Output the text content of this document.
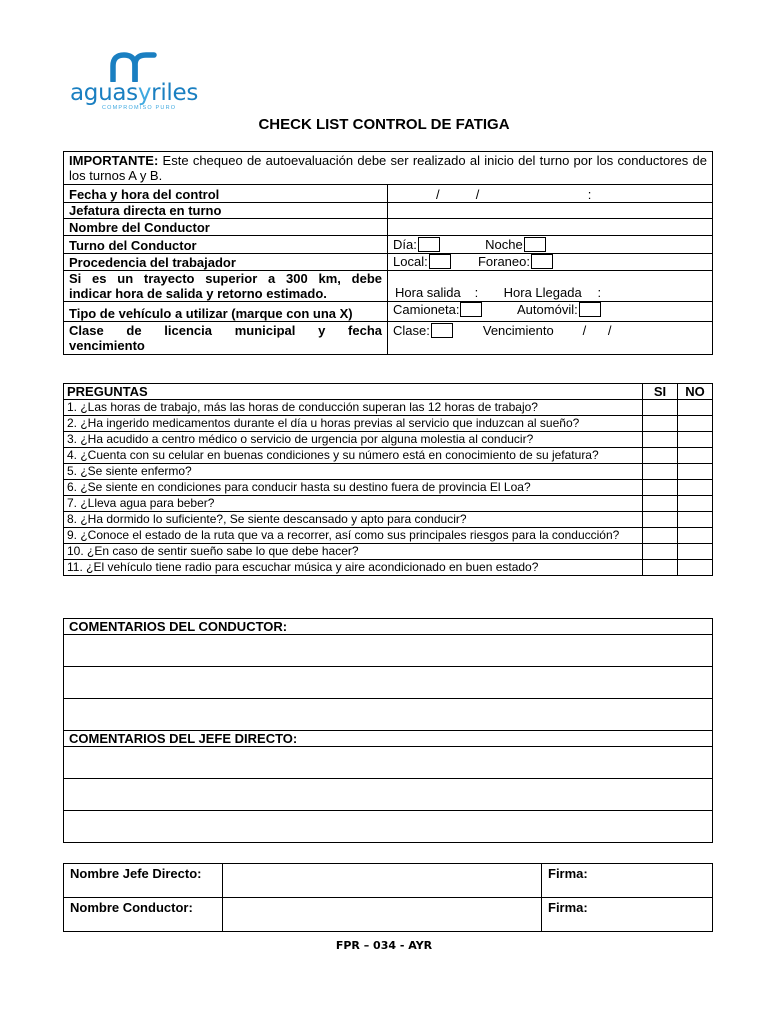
aguasyriles
COMPROMISO PURO
CHECK LIST CONTROL DE FATIGA
IMPORTANTE: Este chequeo de autoevaluación debe ser realizado al inicio del turno por los conductores de los turnos A y B.	
Fecha y hora del control	/          /                              :
Jefatura directa en turno	
Nombre del Conductor	
Turno del Conductor	Día: Noche
Procedencia del trabajador	Local: Foraneo:

Si es un trayecto superior a 300 km, debe
indicar hora de salida y retorno estimado.	Hora salida : Hora Llegada :
Tipo de vehículo a utilizar (marque con una X)	Camioneta: Automóvil:

Clase de licencia municipal y fecha
vencimiento	Clase: Vencimiento        /      /
PREGUNTAS	SI	NO
1. ¿Las horas de trabajo, más las horas de conducción superan las 12 horas de trabajo?		
2. ¿Ha ingerido medicamentos durante el día u horas previas al servicio que induzcan al sueño?		
3. ¿Ha acudido a centro médico o servicio de urgencia por alguna molestia al conducir?		
4. ¿Cuenta con su celular en buenas condiciones y su número está en conocimiento de su jefatura?		
5. ¿Se siente enfermo?		
6. ¿Se siente en condiciones para conducir hasta su destino fuera de provincia El Loa?		
7. ¿Lleva agua para beber?		
8. ¿Ha dormido lo suficiente?, Se siente descansado y apto para conducir?		
9. ¿Conoce el estado de la ruta que va a recorrer, así como sus principales riesgos para la conducción?		
10. ¿En caso de sentir sueño sabe lo que debe hacer?		
11. ¿El vehículo tiene radio para escuchar música y aire acondicionado en buen estado?		
COMENTARIOS DEL CONDUCTOR:

COMENTARIOS DEL JEFE DIRECTO:

Nombre Jefe Directo:		Firma:
Nombre Conductor:		Firma:
FPR – 034 - AYR
